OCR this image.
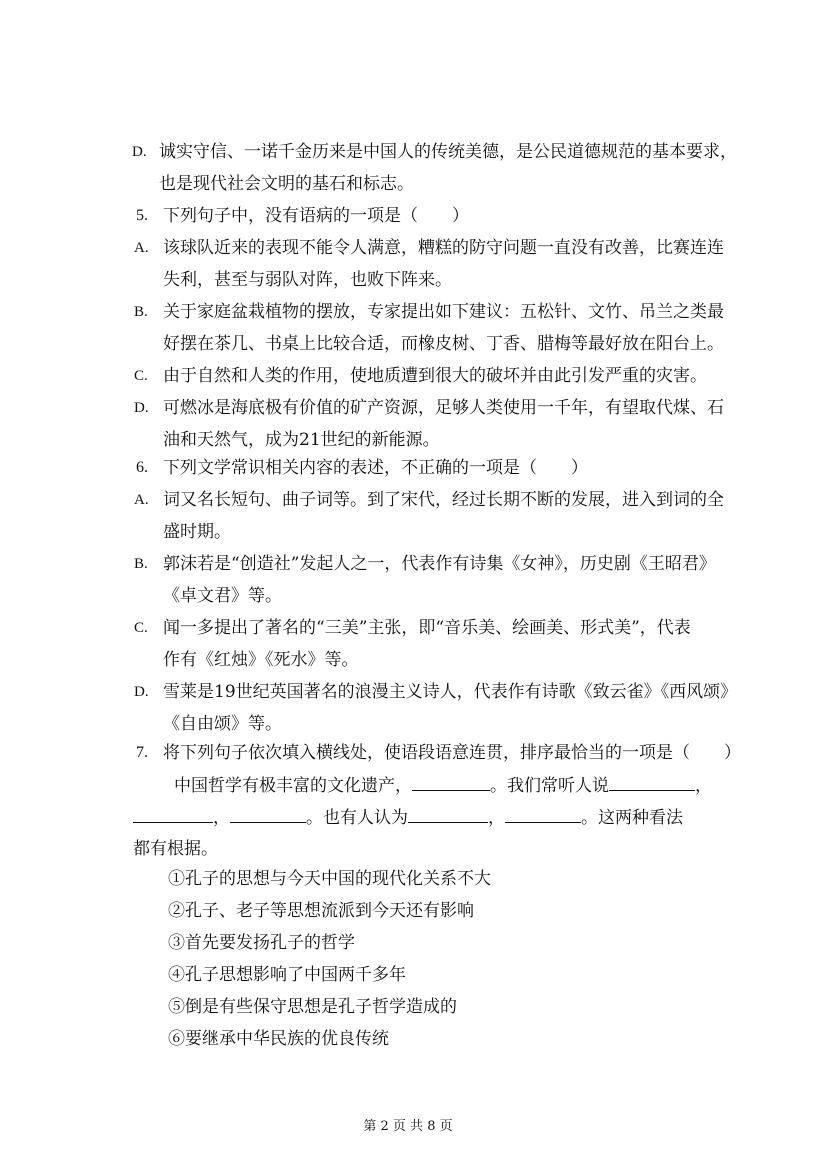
D. 诚实守信、一诺千金历来是中国人的传统美德，是公民道德规范的基本要求，
也是现代社会文明的基石和标志。
5. 下列句子中，没有语病的一项是（　　）
A. 该球队近来的表现不能令人满意，糟糕的防守问题一直没有改善，比赛连连
失利，甚至与弱队对阵，也败下阵来。
B. 关于家庭盆栽植物的摆放，专家提出如下建议：五松针、文竹、吊兰之类最
好摆在茶几、书桌上比较合适，而橡皮树、丁香、腊梅等最好放在阳台上。
C. 由于自然和人类的作用，使地质遭到很大的破坏并由此引发严重的灾害。
D. 可燃冰是海底极有价值的矿产资源，足够人类使用一千年，有望取代煤、石
油和天然气，成为21世纪的新能源。
6. 下列文学常识相关内容的表述，不正确的一项是（　　）
A. 词又名长短句、曲子词等。到了宋代，经过长期不断的发展，进入到词的全
盛时期。
B. 郭沫若是“创造社”发起人之一，代表作有诗集《女神》，历史剧《王昭君》
《卓文君》等。
C. 闻一多提出了著名的“三美”主张，即“音乐美、绘画美、形式美”，代表
作有《红烛》《死水》等。
D. 雪莱是19世纪英国著名的浪漫主义诗人，代表作有诗歌《致云雀》《西风颂》
《自由颂》等。
7. 将下列句子依次填入横线处，使语段语意连贯，排序最恰当的一项是（　　）
中国哲学有极丰富的文化遗产，	。我们常听人说	，
，	。也有人认为	，	。这两种看法
都有根据。
①孔子的思想与今天中国的现代化关系不大
②孔子、老子等思想流派到今天还有影响
③首先要发扬孔子的哲学
④孔子思想影响了中国两千多年
⑤倒是有些保守思想是孔子哲学造成的
⑥要继承中华民族的优良传统
第 2 页 共 8 页
